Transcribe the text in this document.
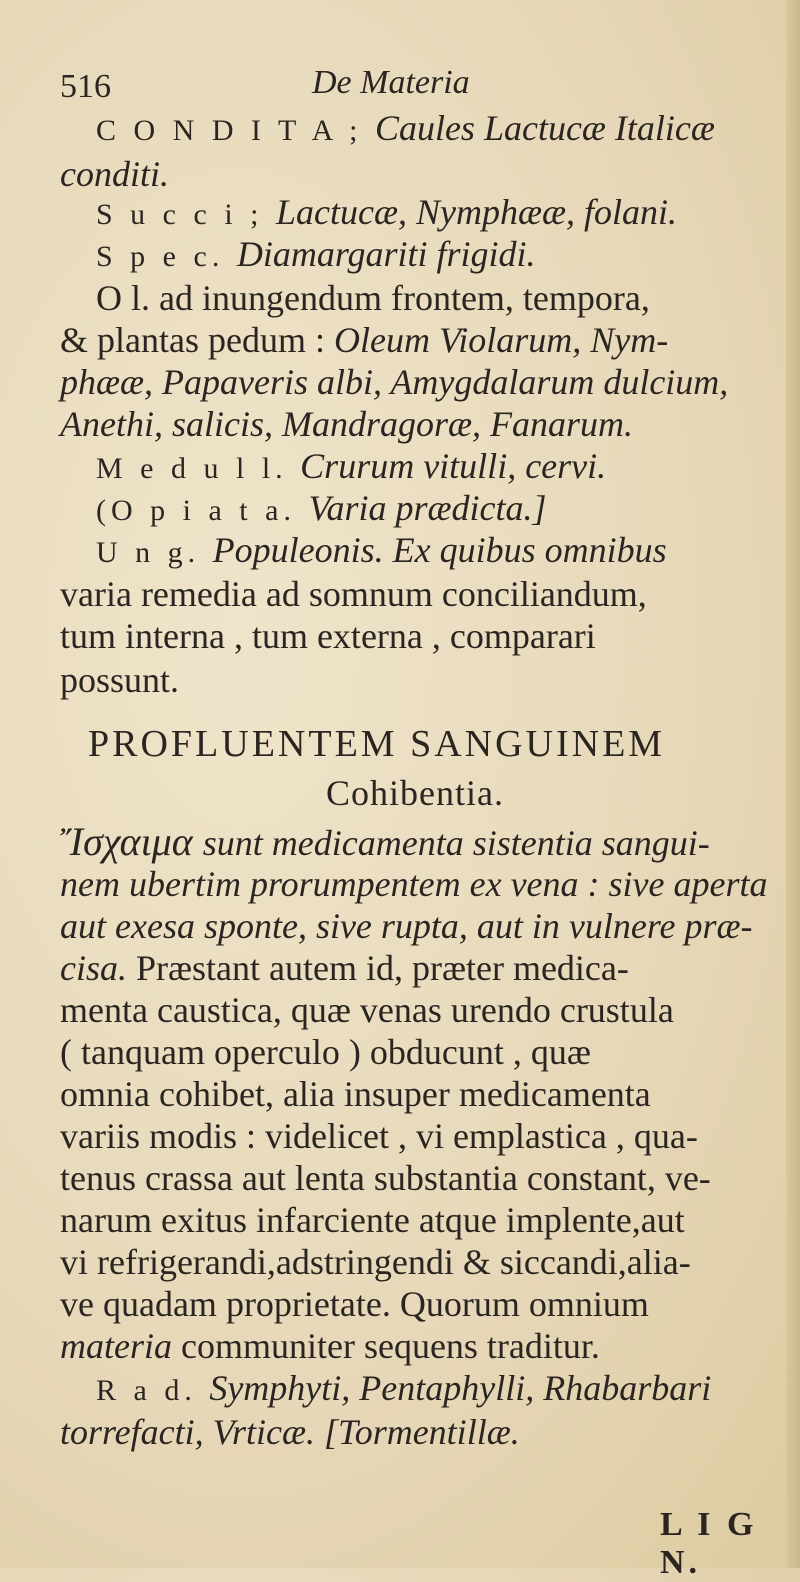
516	De Materia
C O N D I T A ; Caules Lactucæ Italicæ
conditi.
S u c c i ; Lactucæ, Nymphææ, folani.
S p e c. Diamargariti frigidi.
O l. ad inungendum frontem, tempora,
& plantas pedum : Oleum Violarum, Nym-
phææ, Papaveris albi, Amygdalarum dulcium,
Anethi, salicis, Mandragoræ, Fanarum.
M e d u l l. Crurum vitulli, cervi.
(O p i a t a. Varia prædicta.]
U n g. Populeonis. Ex quibus omnibus
varia remedia ad somnum conciliandum,
tum interna , tum externa , comparari
possunt.
PROFLUENTEM SANGUINEM
Cohibentia.
Ἴσχαιμα sunt medicamenta sistentia sangui-
nem ubertim prorumpentem ex vena : sive aperta
aut exesa sponte, sive rupta, aut in vulnere præ-
cisa. Præstant autem id, præter medica-
menta caustica, quæ venas urendo crustula
( tanquam operculo ) obducunt , quæ
omnia cohibet, alia insuper medicamenta
variis modis : videlicet , vi emplastica , qua-
tenus crassa aut lenta substantia constant, ve-
narum exitus infarciente atque implente,aut
vi refrigerandi,adstringendi & siccandi,alia-
ve quadam proprietate. Quorum omnium
materia communiter sequens traditur.
R a d. Symphyti, Pentaphylli, Rhabarbari
torrefacti, Vrticæ. [Tormentillæ.
L I G N.
